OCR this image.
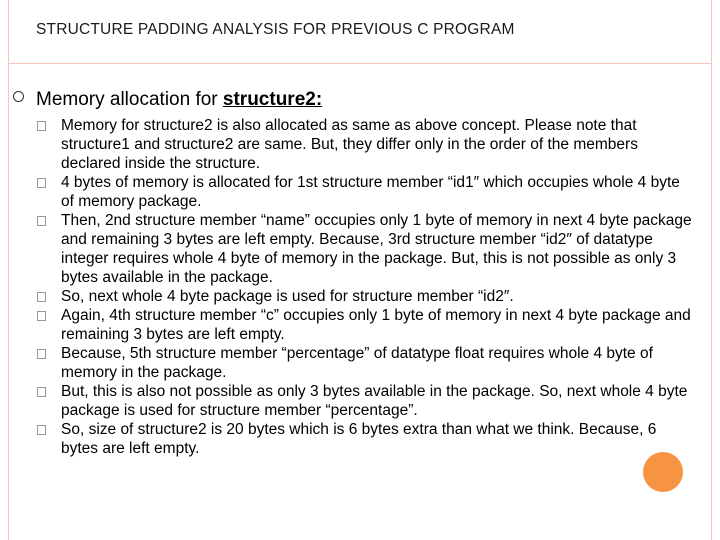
STRUCTURE PADDING ANALYSIS FOR PREVIOUS C PROGRAM
Memory allocation for structure2:
Memory for structure2 is also allocated as same as above concept. Please note that structure1 and structure2 are same. But, they differ only in the order of the members declared inside the structure.
4 bytes of memory is allocated for 1st structure member “id1″ which occupies whole 4 byte of memory package.
Then, 2nd structure member “name” occupies only 1 byte of memory in next 4 byte package and remaining 3 bytes are left empty. Because, 3rd structure member “id2″ of datatype integer requires whole 4 byte of memory in the package. But, this is not possible as only 3 bytes available in the package.
So, next whole 4 byte package is used for structure member “id2″.
Again, 4th structure member “c” occupies only 1 byte of memory in next 4 byte package and remaining 3 bytes are left empty.
Because, 5th structure member “percentage” of datatype float requires whole 4 byte of memory in the package.
But, this is also not possible as only 3 bytes available in the package. So, next whole 4 byte package is used for structure member “percentage”.
So, size of structure2 is 20 bytes which is 6 bytes extra than what we think. Because, 6 bytes are left empty.
